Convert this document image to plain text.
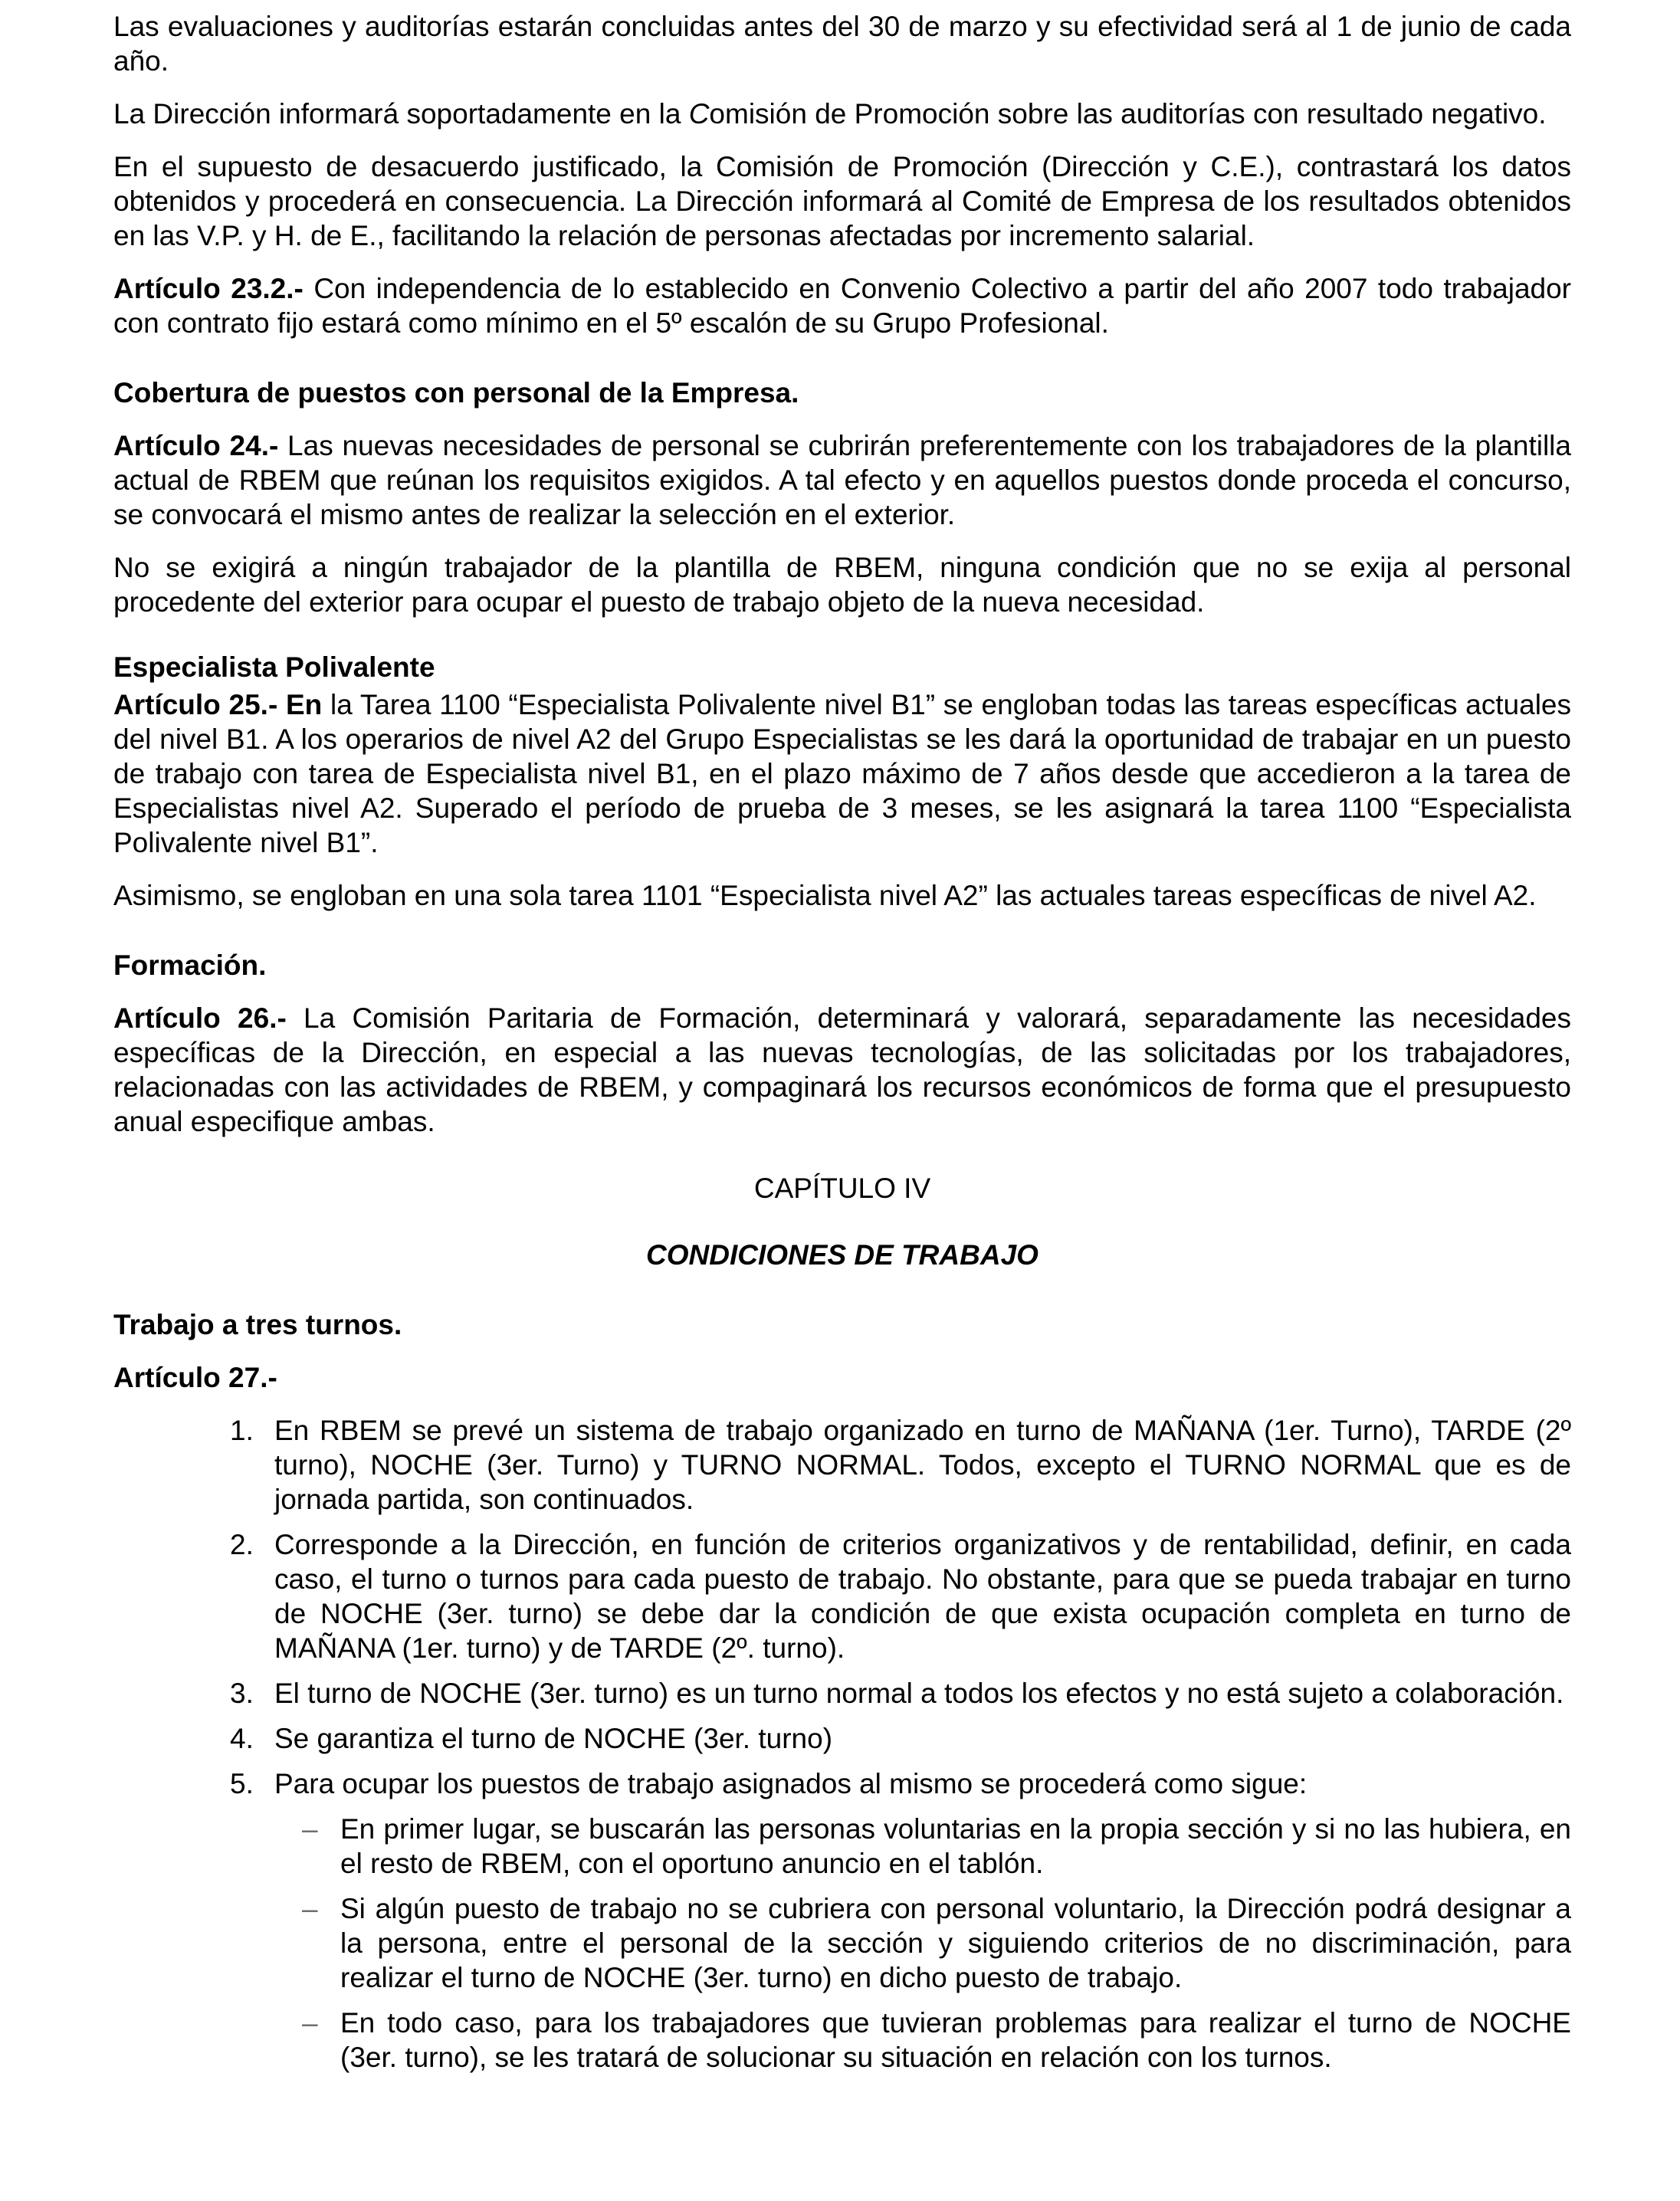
Las evaluaciones y auditorías estarán concluidas antes del 30 de marzo y su efectividad será al 1 de junio de cada año.
La Dirección informará soportadamente en la Comisión de Promoción sobre las auditorías con resultado negativo.
En el supuesto de desacuerdo justificado, la Comisión de Promoción (Dirección y C.E.), contrastará los datos obtenidos y procederá en consecuencia. La Dirección informará al Comité de Empresa de los resultados obtenidos en las V.P. y H. de E., facilitando la relación de personas afectadas por incremento salarial.
Artículo 23.2.- Con independencia de lo establecido en Convenio Colectivo a partir del año 2007 todo trabajador con contrato fijo estará como mínimo en el 5º escalón de su Grupo Profesional.
Cobertura de puestos con personal de la Empresa.
Artículo 24.- Las nuevas necesidades de personal se cubrirán preferentemente con los trabajadores de la plantilla actual de RBEM que reúnan los requisitos exigidos. A tal efecto y en aquellos puestos donde proceda el concurso, se convocará el mismo antes de realizar la selección en el exterior.
No se exigirá a ningún trabajador de la plantilla de RBEM, ninguna condición que no se exija al personal procedente del exterior para ocupar el puesto de trabajo objeto de la nueva necesidad.
Especialista Polivalente
Artículo 25.- En la Tarea 1100 “Especialista Polivalente nivel B1” se engloban todas las tareas específicas actuales del nivel B1. A los operarios de nivel A2 del Grupo Especialistas se les dará la oportunidad de trabajar en un puesto de trabajo con tarea de Especialista nivel B1, en el plazo máximo de 7 años desde que accedieron a la tarea de Especialistas nivel A2. Superado el período de prueba de 3 meses, se les asignará la tarea 1100 “Especialista Polivalente nivel B1”.
Asimismo, se engloban en una sola tarea 1101 “Especialista nivel A2” las actuales tareas específicas de nivel A2.
Formación.
Artículo 26.- La Comisión Paritaria de Formación, determinará y valorará, separadamente las necesidades específicas de la Dirección, en especial a las nuevas tecnologías, de las solicitadas por los trabajadores, relacionadas con las actividades de RBEM, y compaginará los recursos económicos de forma que el presupuesto anual especifique ambas.
CAPÍTULO IV
CONDICIONES DE TRABAJO
Trabajo a tres turnos.
Artículo 27.-
1. En RBEM se prevé un sistema de trabajo organizado en turno de MAÑANA (1er. Turno), TARDE (2º turno), NOCHE (3er. Turno) y TURNO NORMAL. Todos, excepto el TURNO NORMAL que es de jornada partida, son continuados.
2. Corresponde a la Dirección, en función de criterios organizativos y de rentabilidad, definir, en cada caso, el turno o turnos para cada puesto de trabajo. No obstante, para que se pueda trabajar en turno de NOCHE (3er. turno) se debe dar la condición de que exista ocupación completa en turno de MAÑANA (1er. turno) y de TARDE (2º. turno).
3. El turno de NOCHE (3er. turno) es un turno normal a todos los efectos y no está sujeto a colaboración.
4. Se garantiza el turno de NOCHE (3er. turno)
5. Para ocupar los puestos de trabajo asignados al mismo se procederá como sigue:
– En primer lugar, se buscarán las personas voluntarias en la propia sección y si no las hubiera, en el resto de RBEM, con el oportuno anuncio en el tablón.
– Si algún puesto de trabajo no se cubriera con personal voluntario, la Dirección podrá designar a la persona, entre el personal de la sección y siguiendo criterios de no discriminación, para realizar el turno de NOCHE (3er. turno) en dicho puesto de trabajo.
– En todo caso, para los trabajadores que tuvieran problemas para realizar el turno de NOCHE (3er. turno), se les tratará de solucionar su situación en relación con los turnos.
